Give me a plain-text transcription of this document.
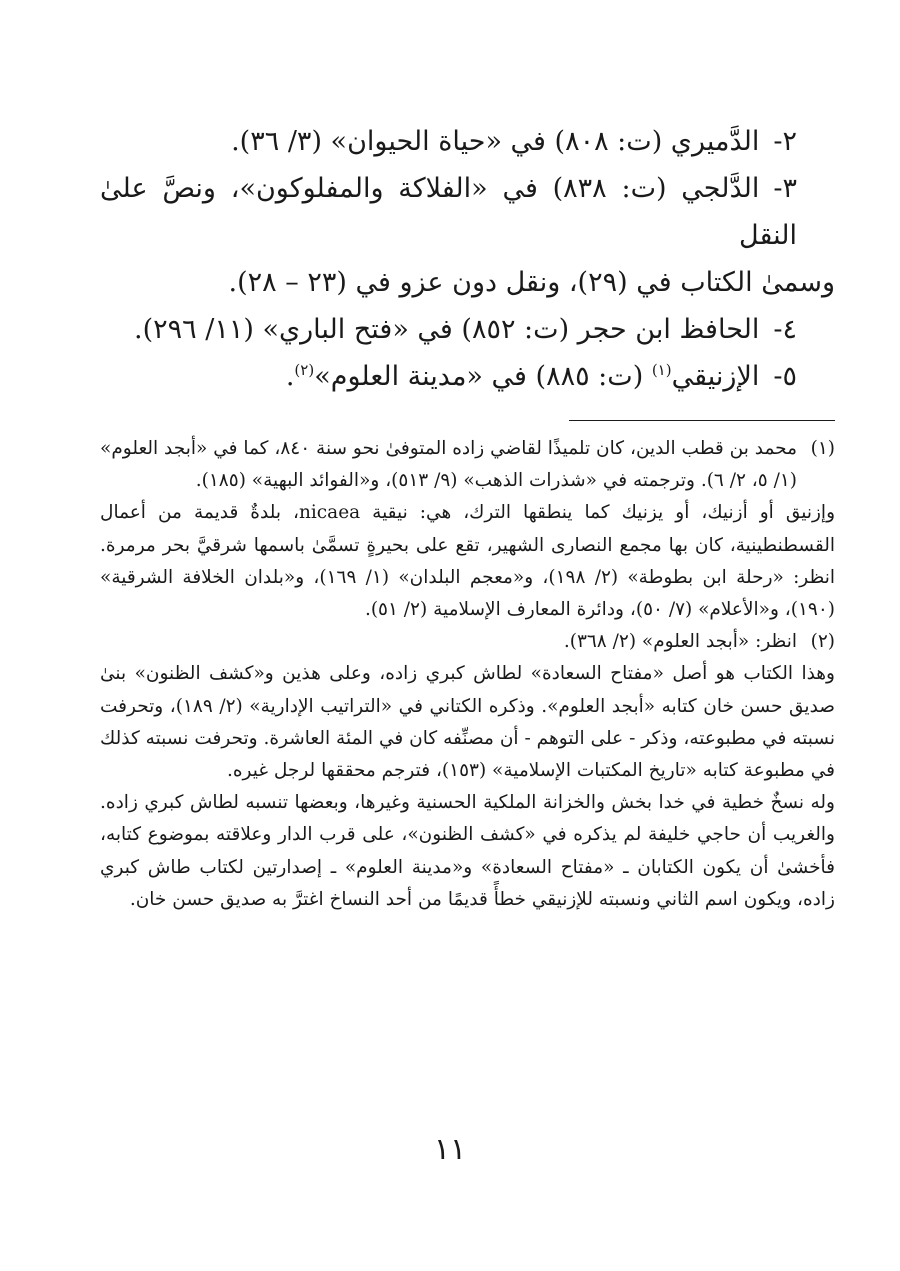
٢-الدَّميري (ت: ٨٠٨) في «حياة الحيوان» (٣/ ٣٦).

٣-الدَّلجي (ت: ٨٣٨) في «الفلاكة والمفلوكون»، ونصَّ علىٰ النقل

وسمىٰ الكتاب في (٢٩)، ونقل دون عزو في (٢٣ – ٢٨).

٤-الحافظ ابن حجر (ت: ٨٥٢) في «فتح الباري» (١١/ ٢٩٦).

٥-الإزنيقي$^{(١)}$ (ت: ٨٨٥) في «مدينة العلوم»$^{(٢)}$.

(١)

محمد بن قطب الدين، كان تلميذًا لقاضي زاده المتوفىٰ نحو سنة ٨٤٠، كما في «أبجد العلوم» (١/ ٥، ٢/ ٦). وترجمته في «شذرات الذهب» (٩/ ٥١٣)، و«الفوائد البهية» (١٨٥).

وإزنيق أو أزنيك، أو يزنيك كما ينطقها الترك، هي: نيقية nicaea، بلدةٌ قديمة من أعمال القسطنطينية، كان بها مجمع النصارى الشهير، تقع على بحيرةٍ تسمَّىٰ باسمها شرقيَّ بحر مرمرة. انظر: «رحلة ابن بطوطة» (٢/ ١٩٨)، و«معجم البلدان» (١/ ١٦٩)، و«بلدان الخلافة الشرقية» (١٩٠)، و«الأعلام» (٧/ ٥٠)، ودائرة المعارف الإسلامية (٢/ ٥١).

(٢)

انظر: «أبجد العلوم» (٢/ ٣٦٨).

وهذا الكتاب هو أصل «مفتاح السعادة» لطاش كبري زاده، وعلى هذين و«كشف الظنون» بنىٰ صديق حسن خان كتابه «أبجد العلوم». وذكره الكتاني في «التراتيب الإدارية» (٢/ ١٨٩)، وتحرفت نسبته في مطبوعته، وذكر - على التوهم - أن مصنِّفه كان في المئة العاشرة. وتحرفت نسبته كذلك في مطبوعة كتابه «تاريخ المكتبات الإسلامية» (١٥٣)، فترجم محققها لرجل غيره.

وله نسخٌ خطية في خدا بخش والخزانة الملكية الحسنية وغيرها، وبعضها تنسبه لطاش كبري زاده. والغريب أن حاجي خليفة لم يذكره في «كشف الظنون»، على قرب الدار وعلاقته بموضوع كتابه، فأخشىٰ أن يكون الكتابان ـ «مفتاح السعادة» و«مدينة العلوم» ـ إصدارتين لكتاب طاش كبري زاده، ويكون اسم الثاني ونسبته للإزنيقي خطأً قديمًا من أحد النساخ اغترَّ به صديق حسن خان.

١١
